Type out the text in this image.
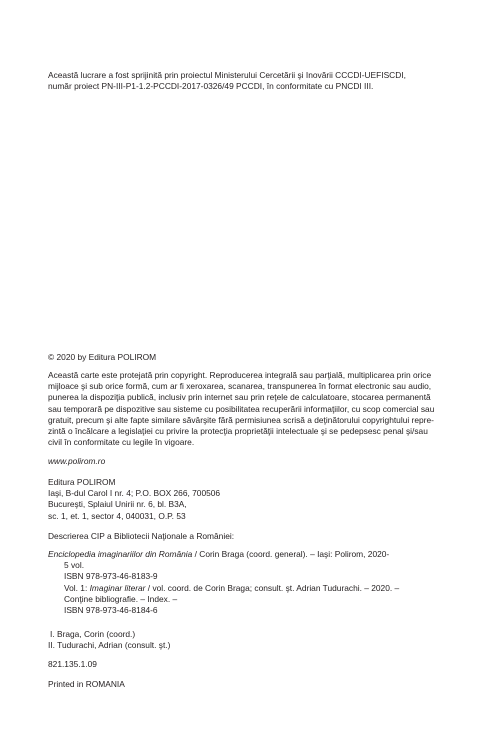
Această lucrare a fost sprijinită prin proiectul Ministerului Cercetării şi Inovării CCCDI-UEFISCDI,

număr proiect PN-III-P1-1.2-PCCDI-2017-0326/49 PCCDI, în conformitate cu PNCDI III.

© 2020 by Editura POLIROM

Această carte este protejată prin copyright. Reproducerea integrală sau parţială, multiplicarea prin orice

mijloace şi sub orice formă, cum ar fi xeroxarea, scanarea, transpunerea în format electronic sau audio,

punerea la dispoziţia publică, inclusiv prin internet sau prin reţele de calculatoare, stocarea permanentă

sau temporară pe dispozitive sau sisteme cu posibilitatea recuperării informaţiilor, cu scop comercial sau

gratuit, precum şi alte fapte similare săvârşite fără permisiunea scrisă a deţinătorului copyrightului repre-

zintă o încălcare a legislaţiei cu privire la protecţia proprietăţii intelectuale şi se pedepsesc penal şi/sau

civil în conformitate cu legile în vigoare.

www.polirom.ro

Editura POLIROM

Iaşi, B-dul Carol I nr. 4; P.O. BOX 266, 700506

Bucureşti, Splaiul Unirii nr. 6, bl. B3A,

sc. 1, et. 1, sector 4, 040031, O.P. 53

Descrierea CIP a Bibliotecii Naţionale a României:

Enciclopedia imaginariilor din România / Corin Braga (coord. general). – Iaşi: Polirom, 2020-

5 vol.

ISBN 978-973-46-8183-9

Vol. 1: Imaginar literar / vol. coord. de Corin Braga; consult. şt. Adrian Tudurachi. – 2020. –

Conţine bibliografie. – Index. –

ISBN 978-973-46-8184-6

I. Braga, Corin (coord.)

II. Tudurachi, Adrian (consult. şt.)

821.135.1.09

Printed in ROMANIA
